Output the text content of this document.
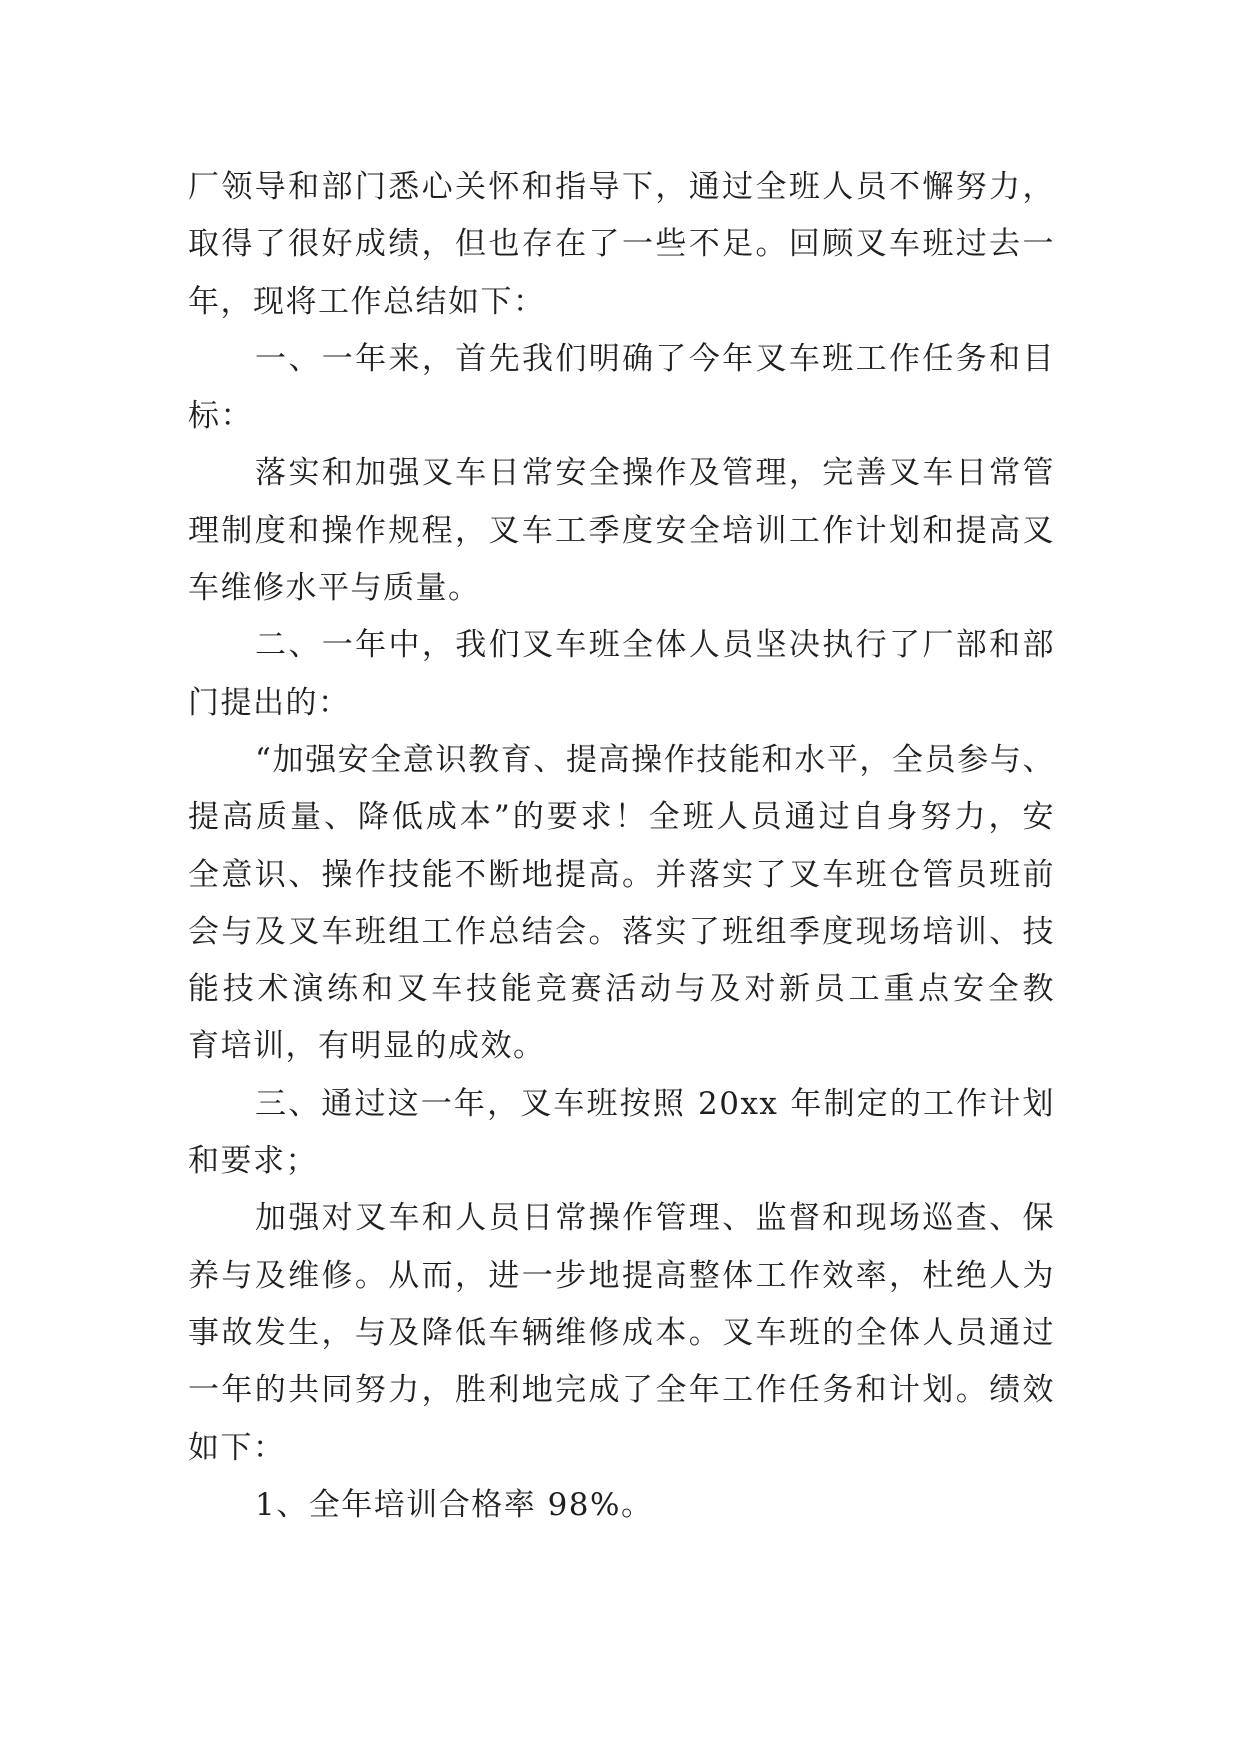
厂领导和部门悉心关怀和指导下，通过全班人员不懈努力，
取得了很好成绩，但也存在了一些不足。回顾叉车班过去一
年，现将工作总结如下：
一、一年来，首先我们明确了今年叉车班工作任务和目
标：
落实和加强叉车日常安全操作及管理，完善叉车日常管
理制度和操作规程，叉车工季度安全培训工作计划和提高叉
车维修水平与质量。
二、一年中，我们叉车班全体人员坚决执行了厂部和部
门提出的：
“加强安全意识教育、提高操作技能和水平，全员参与、
提高质量、降低成本”的要求！全班人员通过自身努力，安
全意识、操作技能不断地提高。并落实了叉车班仓管员班前
会与及叉车班组工作总结会。落实了班组季度现场培训、技
能技术演练和叉车技能竞赛活动与及对新员工重点安全教
育培训，有明显的成效。
三、通过这一年，叉车班按照 20xx 年制定的工作计划
和要求；
加强对叉车和人员日常操作管理、监督和现场巡查、保
养与及维修。从而，进一步地提高整体工作效率，杜绝人为
事故发生，与及降低车辆维修成本。叉车班的全体人员通过
一年的共同努力，胜利地完成了全年工作任务和计划。绩效
如下：
1、全年培训合格率 98%。
